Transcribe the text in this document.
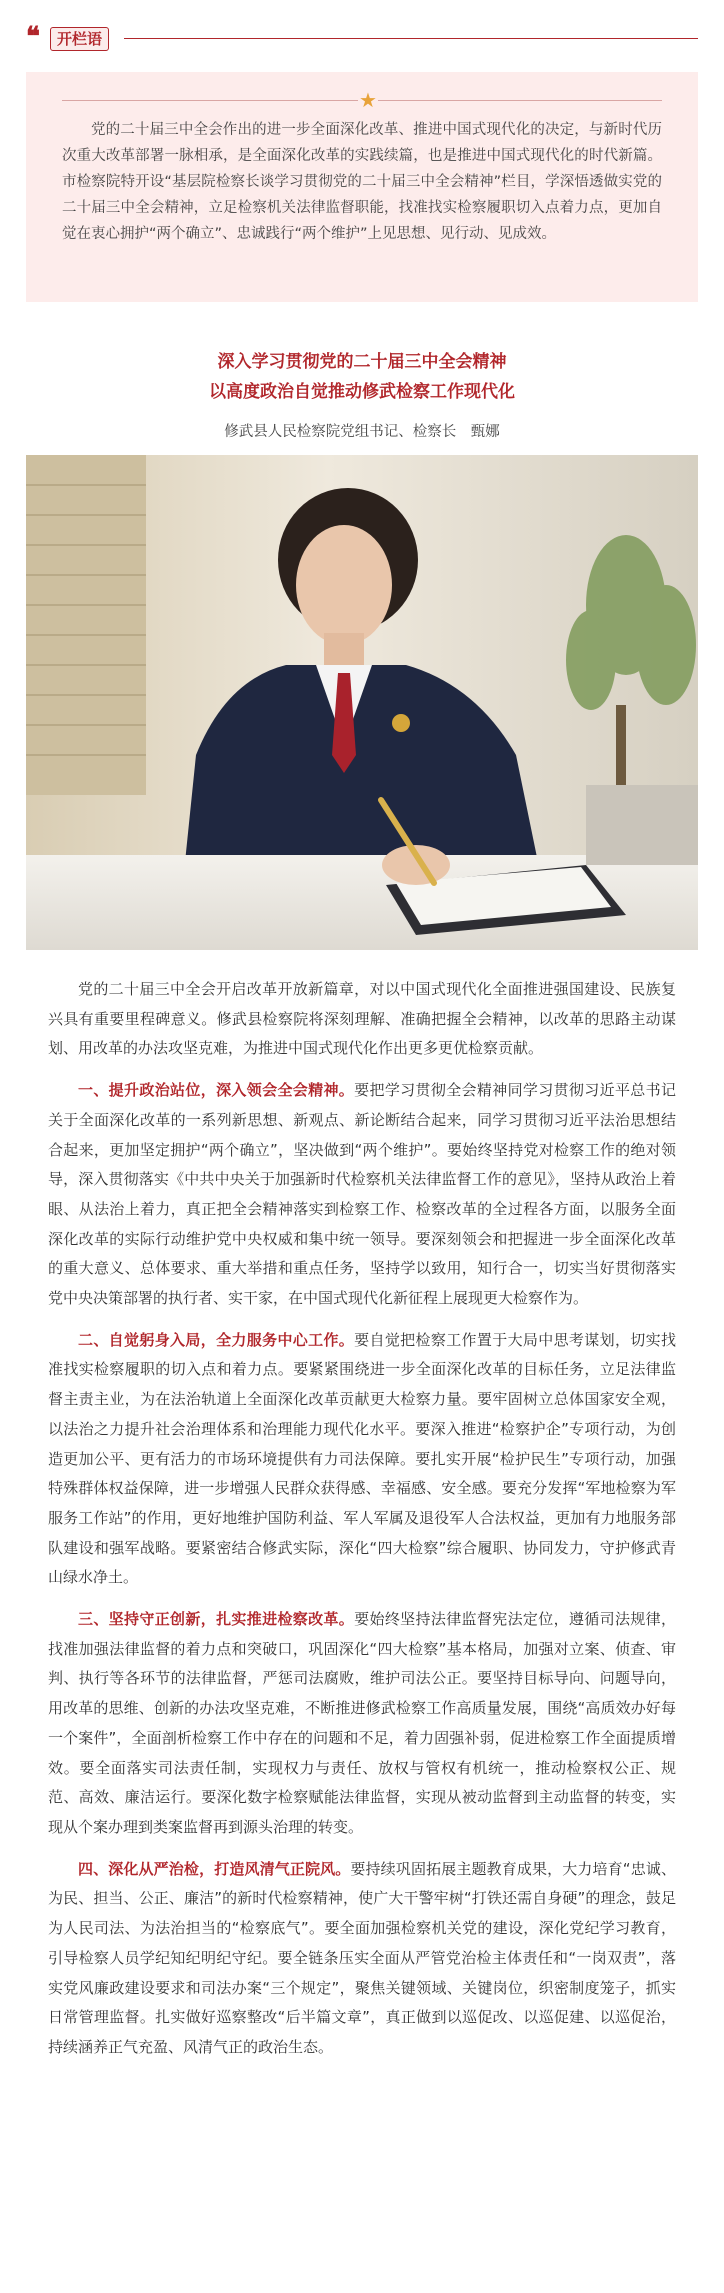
❝	开栏语
★

党的二十届三中全会作出的进一步全面深化改革、推进中国式现代化的决定，与新时代历次重大改革部署一脉相承，是全面深化改革的实践续篇，也是推进中国式现代化的时代新篇。市检察院特开设“基层院检察长谈学习贯彻党的二十届三中全会精神”栏目，学深悟透做实党的二十届三中全会精神，立足检察机关法律监督职能，找准找实检察履职切入点着力点，更加自觉在衷心拥护“两个确立”、忠诚践行“两个维护”上见思想、见行动、见成效。

深入学习贯彻党的二十届三中全会精神
以高度政治自觉推动修武检察工作现代化
修武县人民检察院党组书记、检察长　甄娜

党的二十届三中全会开启改革开放新篇章，对以中国式现代化全面推进强国建设、民族复兴具有重要里程碑意义。修武县检察院将深刻理解、准确把握全会精神，以改革的思路主动谋划、用改革的办法攻坚克难，为推进中国式现代化作出更多更优检察贡献。

一、提升政治站位，深入领会全会精神。要把学习贯彻全会精神同学习贯彻习近平总书记关于全面深化改革的一系列新思想、新观点、新论断结合起来，同学习贯彻习近平法治思想结合起来，更加坚定拥护“两个确立”，坚决做到“两个维护”。要始终坚持党对检察工作的绝对领导，深入贯彻落实《中共中央关于加强新时代检察机关法律监督工作的意见》，坚持从政治上着眼、从法治上着力，真正把全会精神落实到检察工作、检察改革的全过程各方面，以服务全面深化改革的实际行动维护党中央权威和集中统一领导。要深刻领会和把握进一步全面深化改革的重大意义、总体要求、重大举措和重点任务，坚持学以致用，知行合一，切实当好贯彻落实党中央决策部署的执行者、实干家，在中国式现代化新征程上展现更大检察作为。

二、自觉躬身入局，全力服务中心工作。要自觉把检察工作置于大局中思考谋划，切实找准找实检察履职的切入点和着力点。要紧紧围绕进一步全面深化改革的目标任务，立足法律监督主责主业，为在法治轨道上全面深化改革贡献更大检察力量。要牢固树立总体国家安全观，以法治之力提升社会治理体系和治理能力现代化水平。要深入推进“检察护企”专项行动，为创造更加公平、更有活力的市场环境提供有力司法保障。要扎实开展“检护民生”专项行动，加强特殊群体权益保障，进一步增强人民群众获得感、幸福感、安全感。要充分发挥“军地检察为军服务工作站”的作用，更好地维护国防利益、军人军属及退役军人合法权益，更加有力地服务部队建设和强军战略。要紧密结合修武实际，深化“四大检察”综合履职、协同发力，守护修武青山绿水净土。

三、坚持守正创新，扎实推进检察改革。要始终坚持法律监督宪法定位，遵循司法规律，找准加强法律监督的着力点和突破口，巩固深化“四大检察”基本格局，加强对立案、侦查、审判、执行等各环节的法律监督，严惩司法腐败，维护司法公正。要坚持目标导向、问题导向，用改革的思维、创新的办法攻坚克难，不断推进修武检察工作高质量发展，围绕“高质效办好每一个案件”，全面剖析检察工作中存在的问题和不足，着力固强补弱，促进检察工作全面提质增效。要全面落实司法责任制，实现权力与责任、放权与管权有机统一，推动检察权公正、规范、高效、廉洁运行。要深化数字检察赋能法律监督，实现从被动监督到主动监督的转变，实现从个案办理到类案监督再到源头治理的转变。

四、深化从严治检，打造风清气正院风。要持续巩固拓展主题教育成果，大力培育“忠诚、为民、担当、公正、廉洁”的新时代检察精神，使广大干警牢树“打铁还需自身硬”的理念，鼓足为人民司法、为法治担当的“检察底气”。要全面加强检察机关党的建设，深化党纪学习教育，引导检察人员学纪知纪明纪守纪。要全链条压实全面从严管党治检主体责任和“一岗双责”，落实党风廉政建设要求和司法办案“三个规定”，聚焦关键领域、关键岗位，织密制度笼子，抓实日常管理监督。扎实做好巡察整改“后半篇文章”，真正做到以巡促改、以巡促建、以巡促治，持续涵养正气充盈、风清气正的政治生态。
